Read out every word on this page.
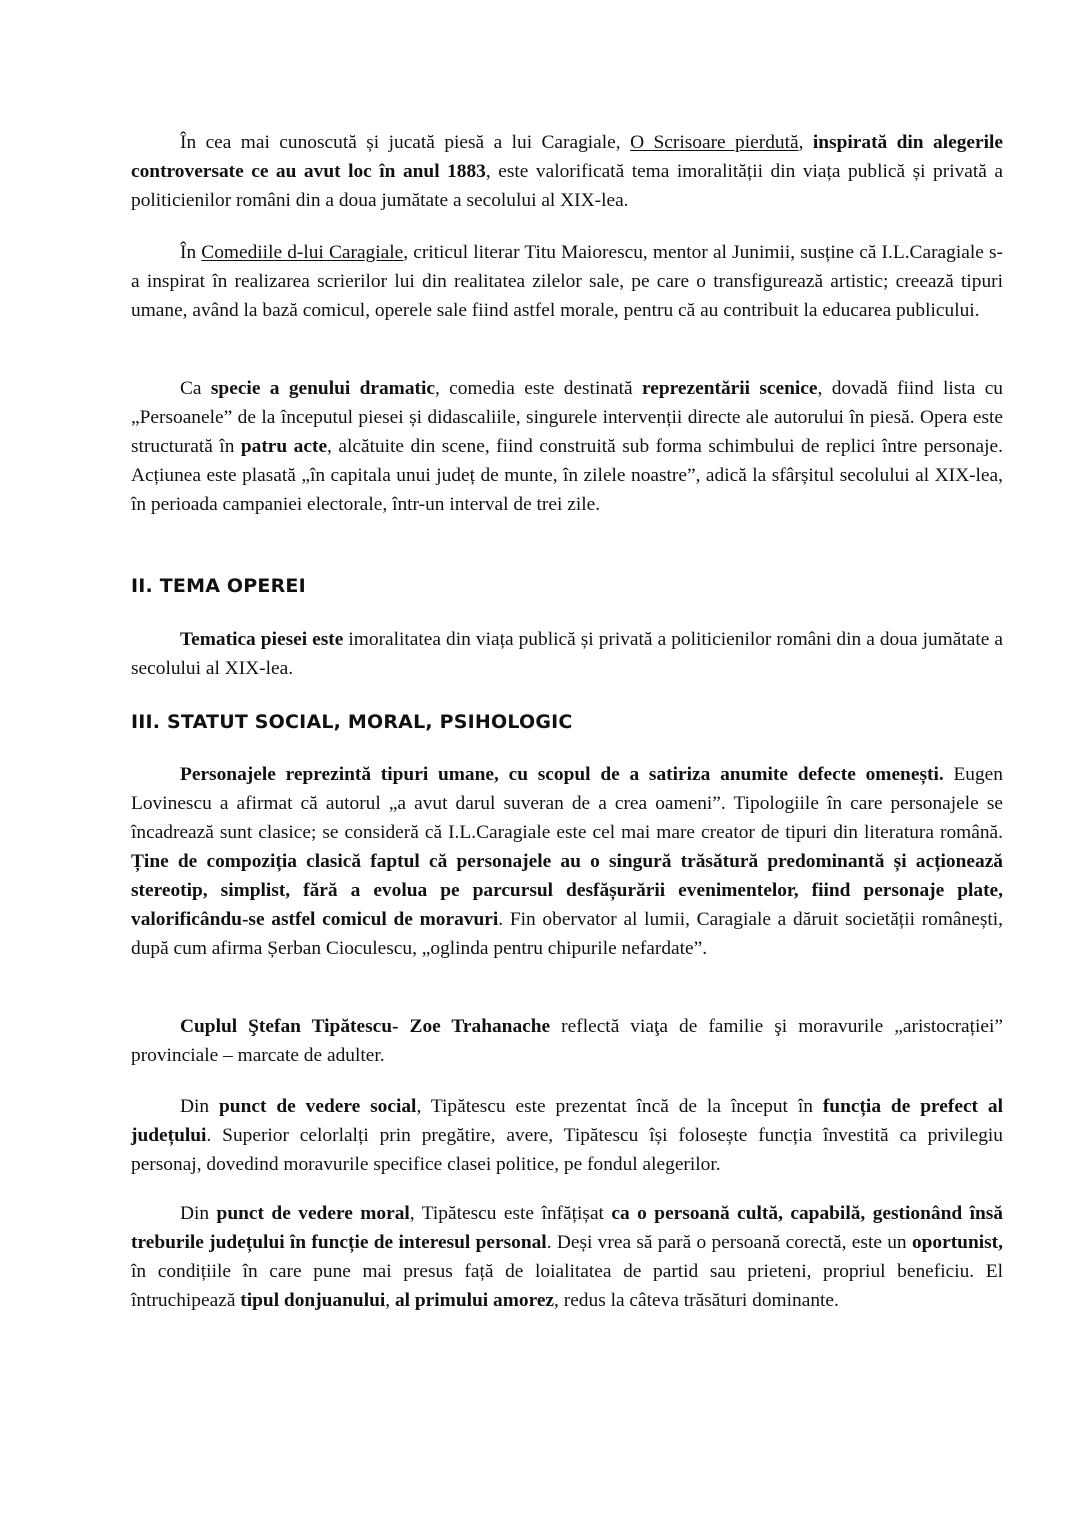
În cea mai cunoscută și jucată piesă a lui Caragiale, O Scrisoare pierdută, inspirată din alegerile controversate ce au avut loc în anul 1883, este valorificată tema imoralității din viața publică și privată a politicienilor români din a doua jumătate a secolului al XIX-lea.

În Comediile d-lui Caragiale, criticul literar Titu Maiorescu, mentor al Junimii, susține că I.L.Caragiale s-a inspirat în realizarea scrierilor lui din realitatea zilelor sale, pe care o transfigurează artistic; creează tipuri umane, având la bază comicul, operele sale fiind astfel morale, pentru că au contribuit la educarea publicului.

Ca specie a genului dramatic, comedia este destinată reprezentării scenice, dovadă fiind lista cu „Persoanele” de la începutul piesei și didascaliile, singurele intervenții directe ale autorului în piesă. Opera este structurată în patru acte, alcătuite din scene, fiind construită sub forma schimbului de replici între personaje. Acțiunea este plasată „în capitala unui județ de munte, în zilele noastre”, adică la sfârșitul secolului al XIX-lea, în perioada campaniei electorale, într-un interval de trei zile.

II. TEMA OPEREI

Tematica piesei este imoralitatea din viața publică și privată a politicienilor români din a doua jumătate a secolului al XIX-lea.

III. STATUT SOCIAL, MORAL, PSIHOLOGIC

Personajele reprezintă tipuri umane, cu scopul de a satiriza anumite defecte omenești. Eugen Lovinescu a afirmat că autorul „a avut darul suveran de a crea oameni”. Tipologiile în care personajele se încadrează sunt clasice; se consideră că I.L.Caragiale este cel mai mare creator de tipuri din literatura română. Ține de compoziția clasică faptul că personajele au o singură trăsătură predominantă și acționează stereotip, simplist, fără a evolua pe parcursul desfășurării evenimentelor, fiind personaje plate, valorificându-se astfel comicul de moravuri. Fin obervator al lumii, Caragiale a dăruit societății românești, după cum afirma Șerban Cioculescu, „oglinda pentru chipurile nefardate”.

Cuplul Ştefan Tipătescu- Zoe Trahanache reflectă viaţa de familie şi moravurile „aristocrației” provinciale – marcate de adulter.

Din punct de vedere social, Tipătescu este prezentat încă de la început în funcția de prefect al județului. Superior celorlalți prin pregătire, avere, Tipătescu își folosește funcția învestită ca privilegiu personaj, dovedind moravurile specifice clasei politice, pe fondul alegerilor.

Din punct de vedere moral, Tipătescu este înfățișat ca o persoană cultă, capabilă, gestionând însă treburile județului în funcție de interesul personal. Deși vrea să pară o persoană corectă, este un oportunist, în condițiile în care pune mai presus față de loialitatea de partid sau prieteni, propriul beneficiu. El întruchipează tipul donjuanului, al primului amorez, redus la câteva trăsături dominante.
